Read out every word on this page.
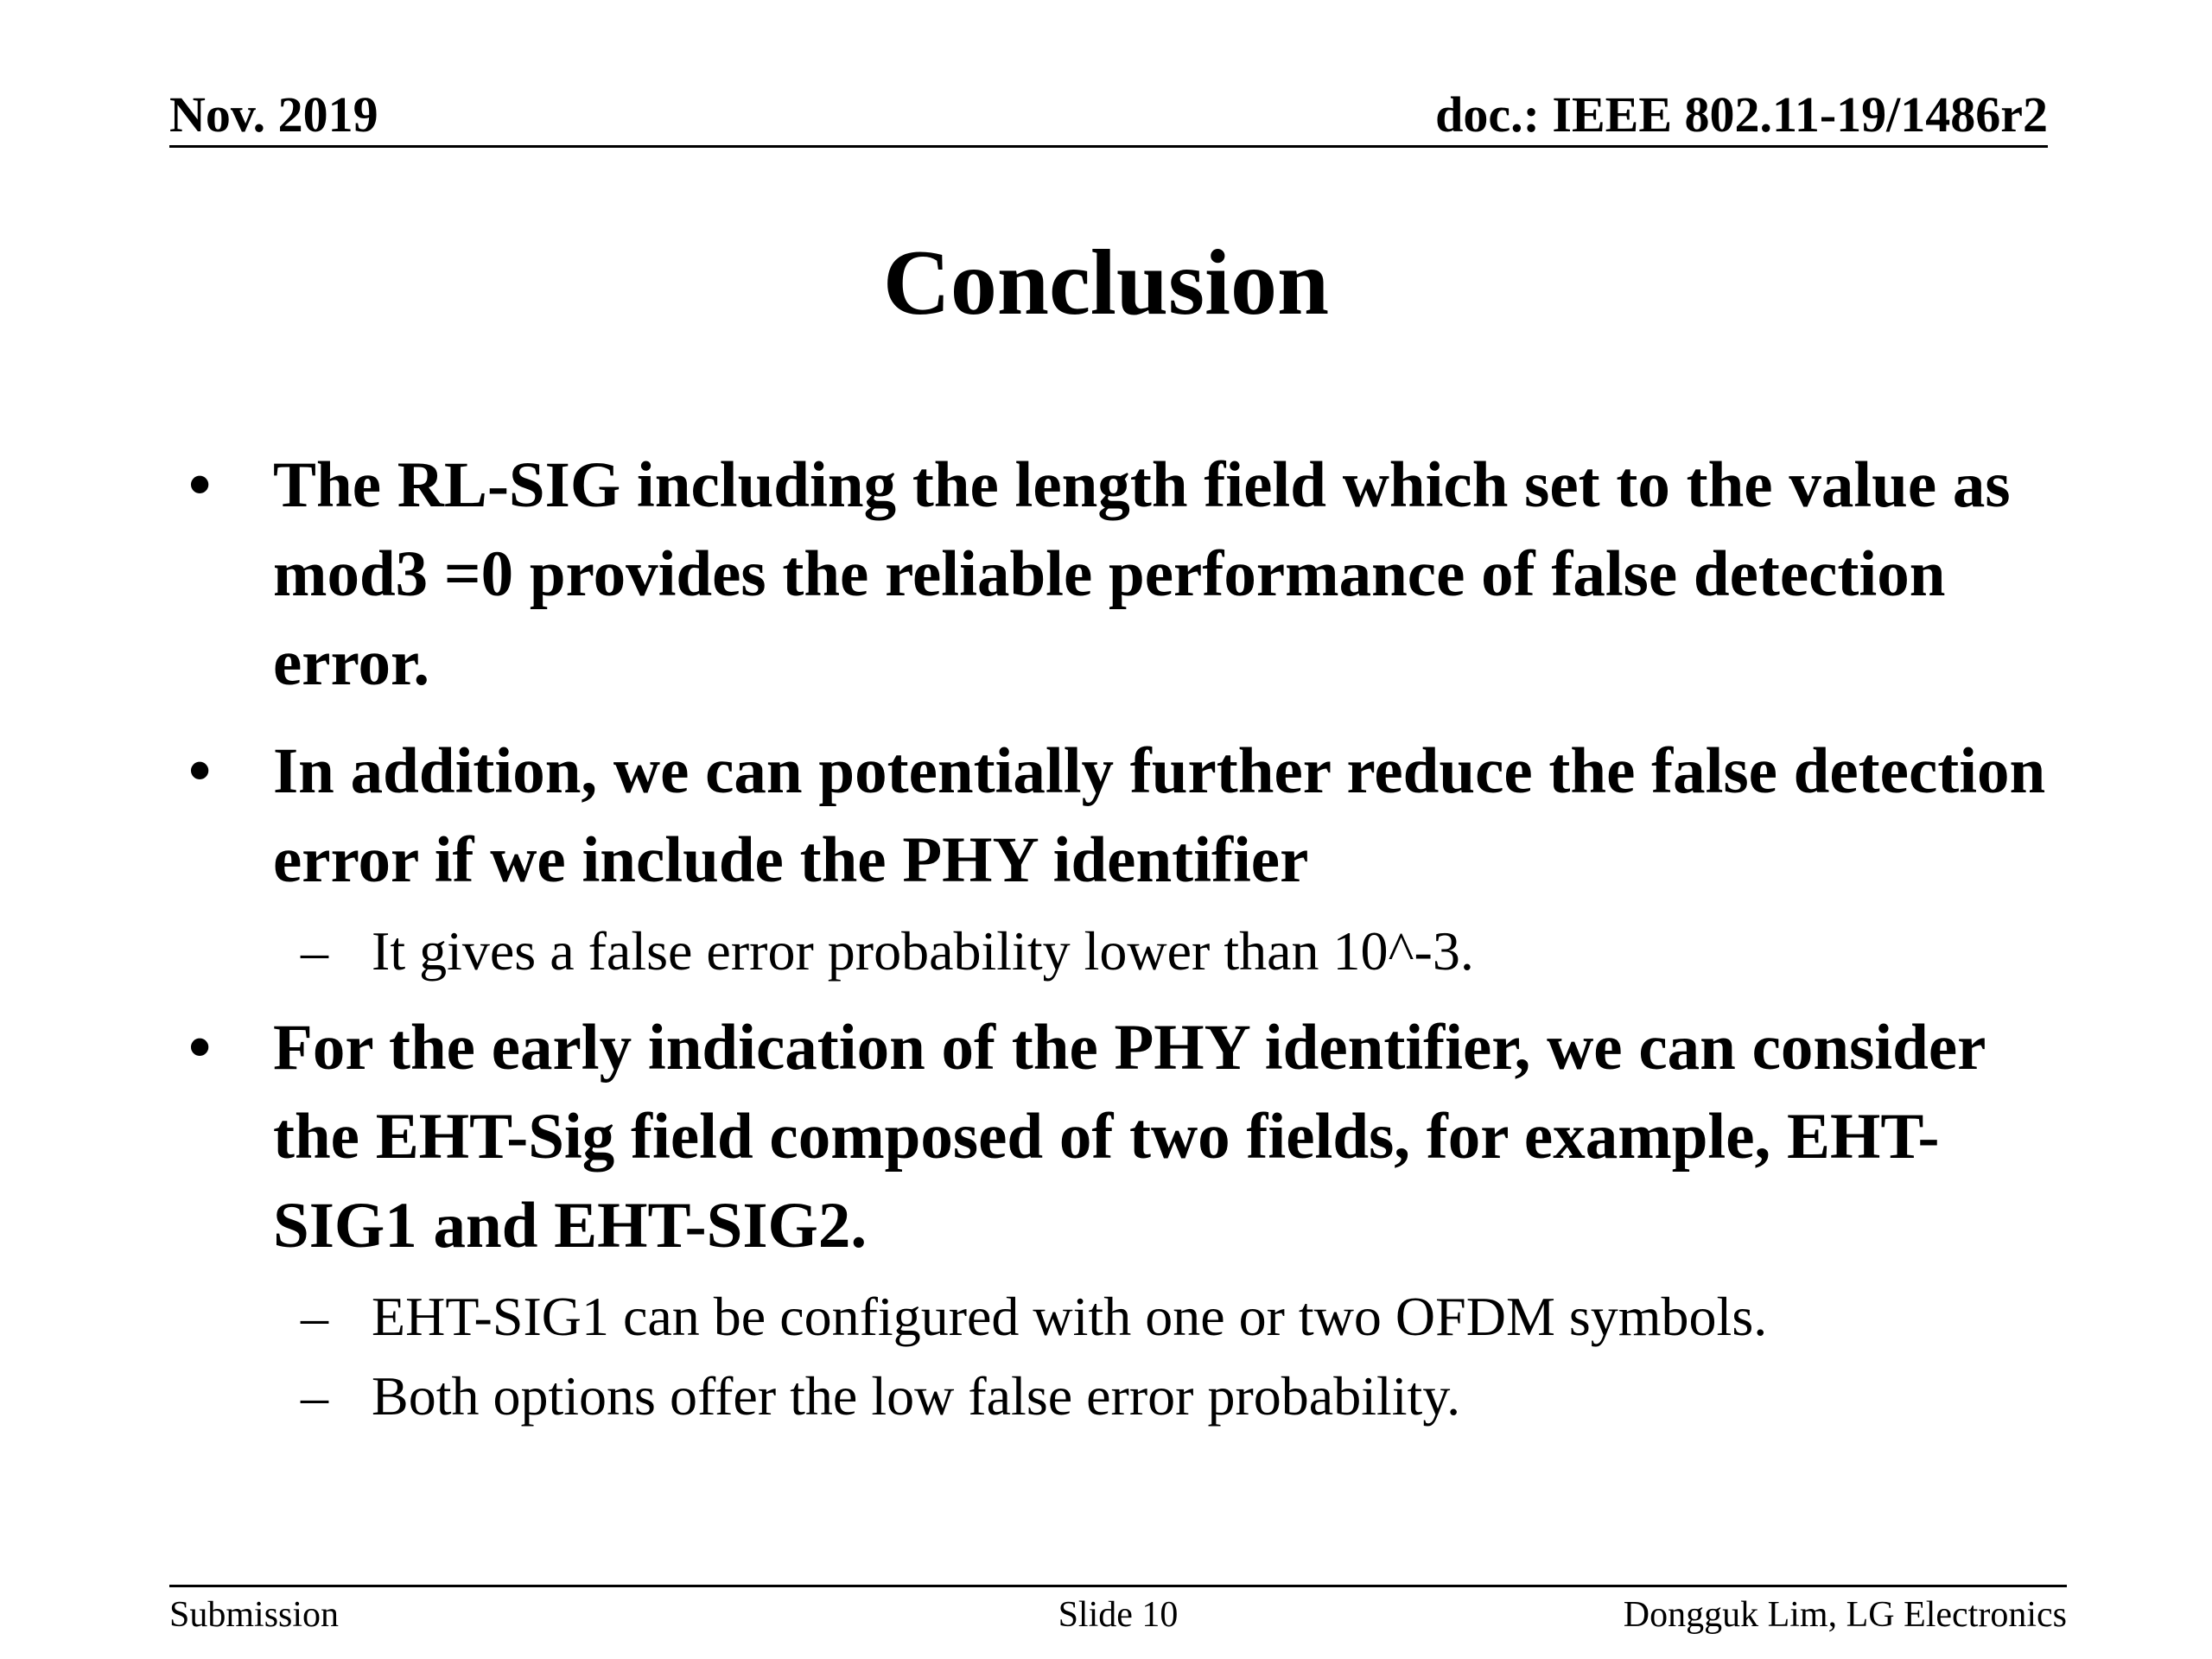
Nov. 2019	doc.: IEEE 802.11-19/1486r2
Conclusion
• The RL-SIG including the length field which set to the value as mod3 =0 provides the reliable performance of false detection error.
• In addition, we can potentially further reduce the false detection error if we include the PHY identifier
– It gives a false error probability lower than 10^-3.
• For the early indication of the PHY identifier, we can consider the EHT-Sig field composed of two fields, for example, EHT-SIG1 and EHT-SIG2.
– EHT-SIG1 can be configured with one or two OFDM symbols.
– Both options offer the low false error probability.
Submission	Slide 10	Dongguk Lim, LG Electronics
